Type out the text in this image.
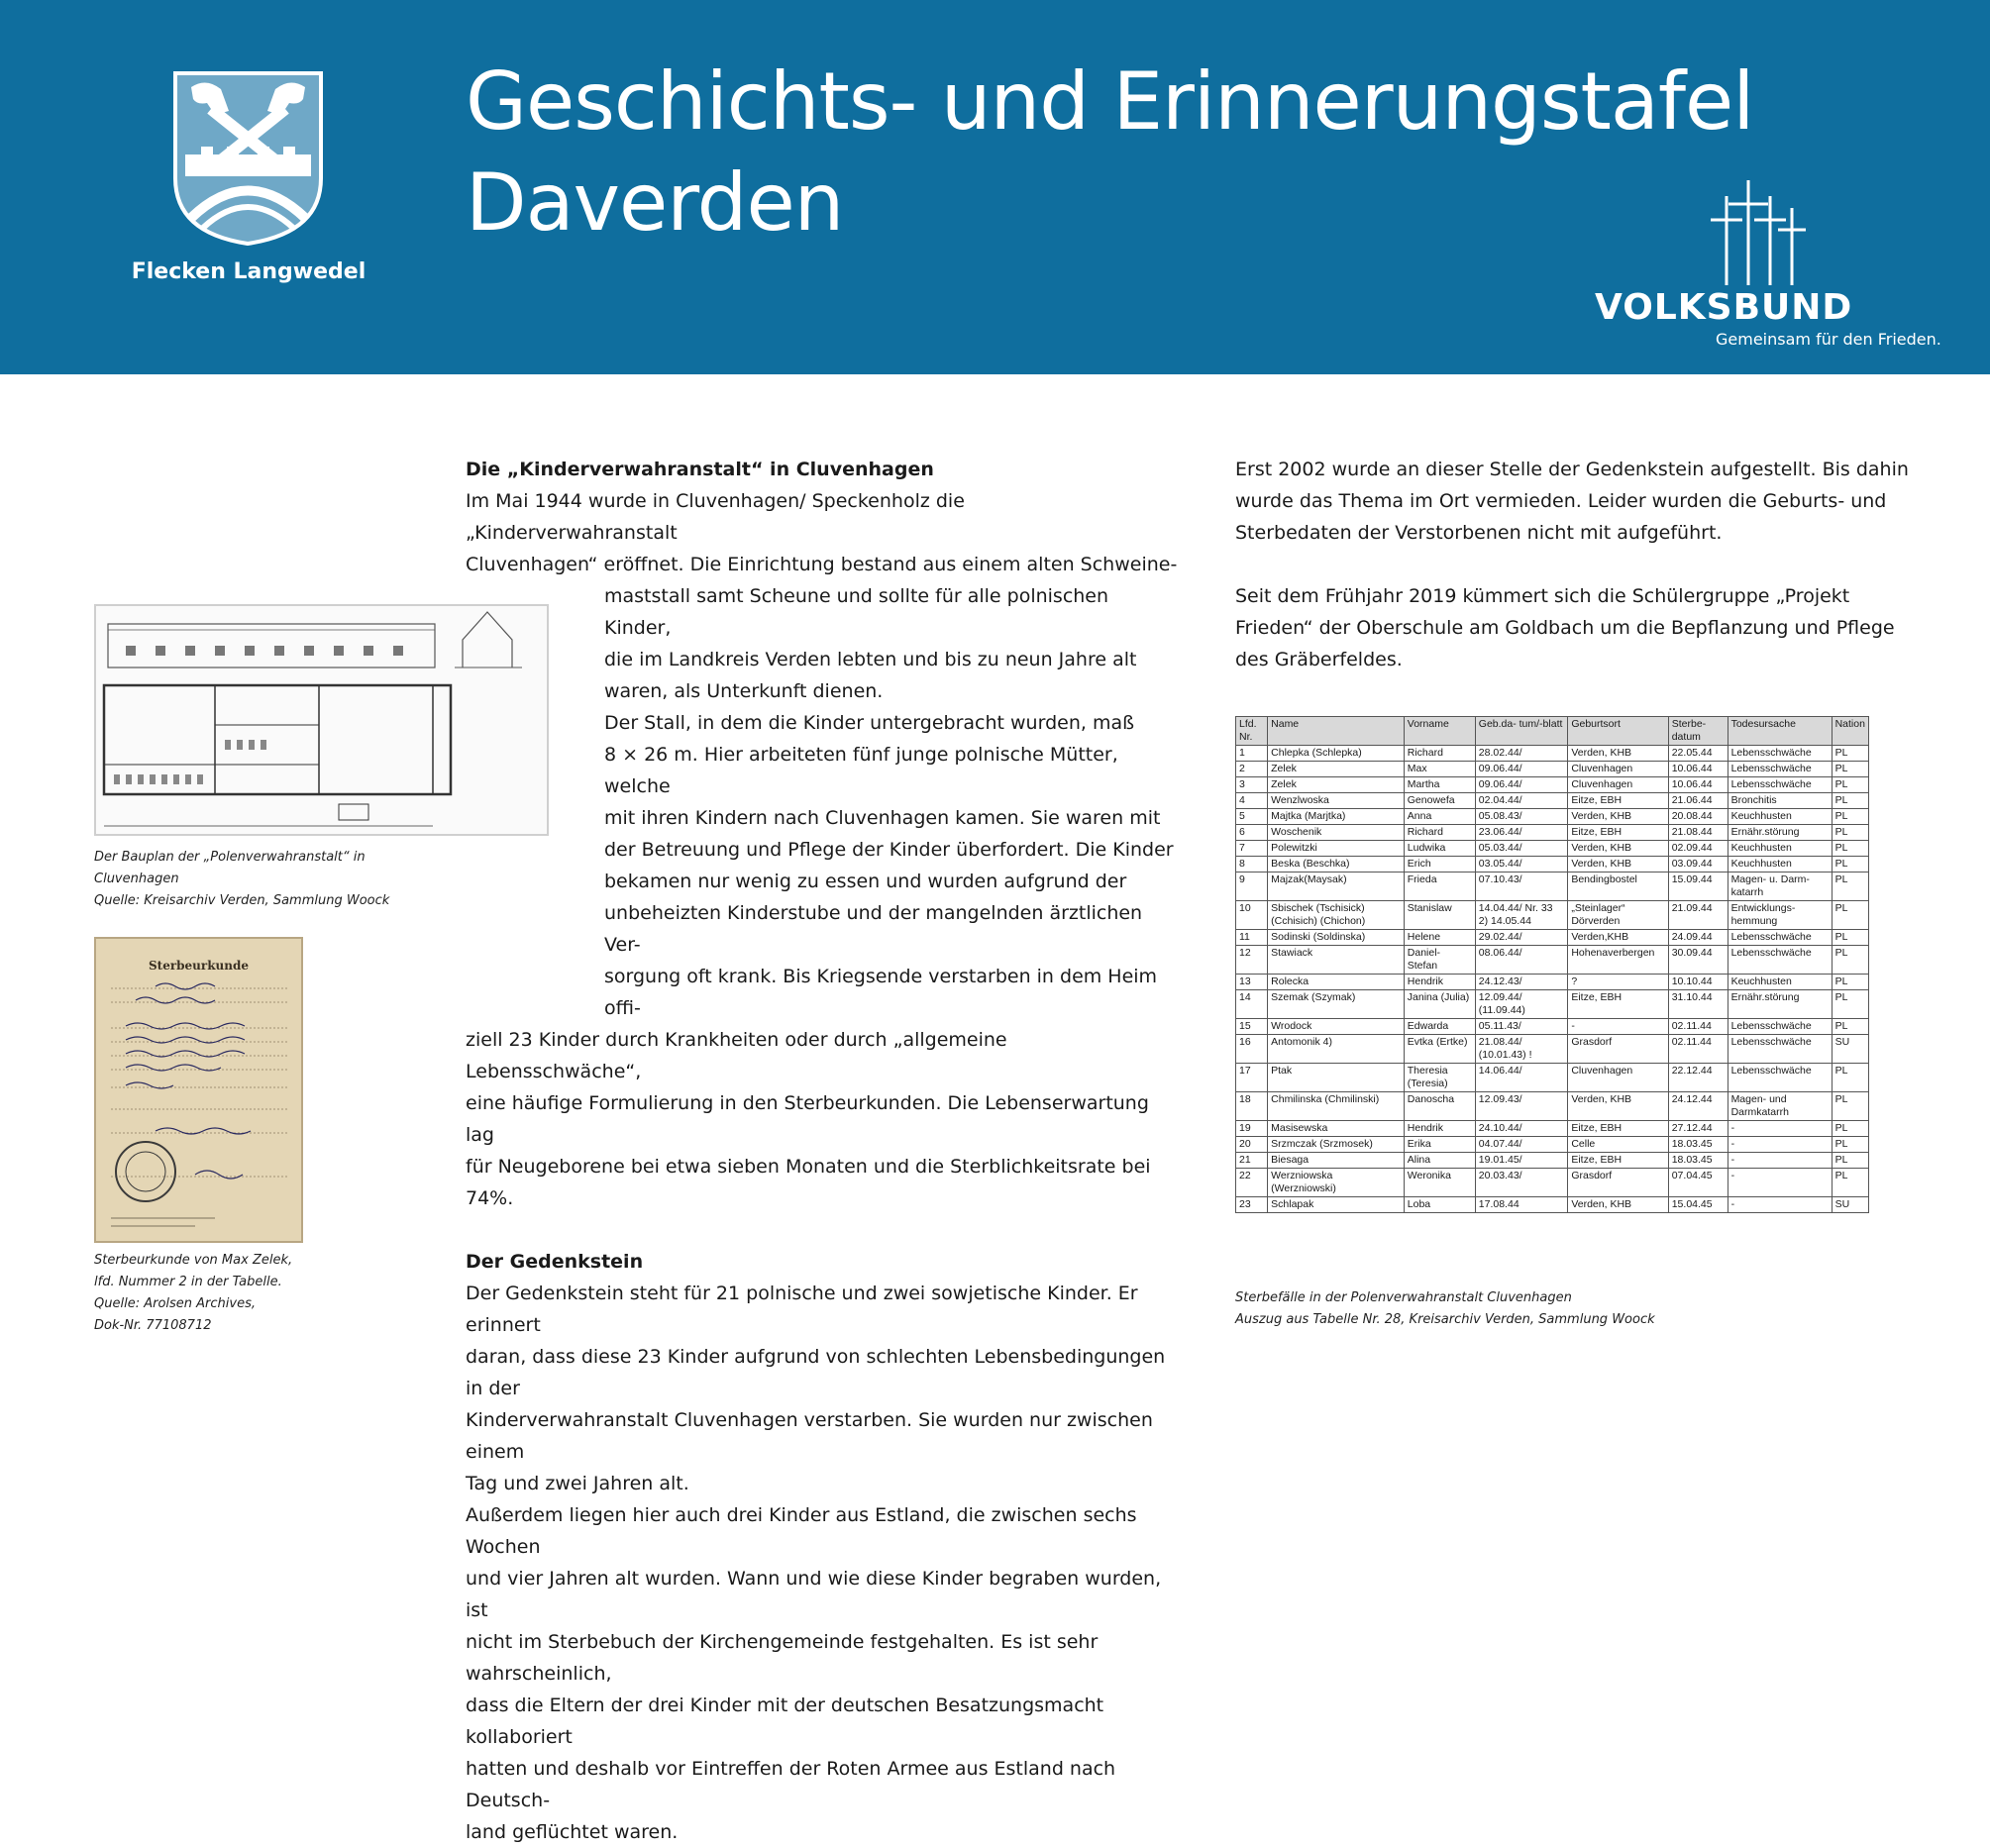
Flecken Langwedel
Geschichts- und Erinnerungstafel
Daverden
VOLKSBUND
Gemeinsam für den Frieden.
Der Bauplan der „Polenverwahranstalt“ in
Cluvenhagen
Quelle: Kreisarchiv Verden, Sammlung Woock
Sterbeurkunde
Sterbeurkunde von Max Zelek,
lfd. Nummer 2 in der Tabelle.
Quelle: Arolsen Archives,
Dok-Nr. 77108712

Die „Kinderverwahranstalt“ in Cluvenhagen

Im Mai 1944 wurde in Cluvenhagen/ Speckenholz die „Kinderverwahranstalt

Cluvenhagen“ eröffnet. Die Einrichtung bestand aus einem alten Schweine-

maststall samt Scheune und sollte für alle polnischen Kinder,

die im Landkreis Verden lebten und bis zu neun Jahre alt

waren, als Unterkunft dienen.

Der Stall, in dem die Kinder untergebracht wurden, maß

8 × 26 m. Hier arbeiteten fünf junge polnische Mütter, welche

mit ihren Kindern nach Cluvenhagen kamen. Sie waren mit

der Betreuung und Pflege der Kinder überfordert. Die Kinder

bekamen nur wenig zu essen und wurden aufgrund der

unbeheizten Kinderstube und der mangelnden ärztlichen Ver-

sorgung oft krank. Bis Kriegsende verstarben in dem Heim offi-

ziell 23 Kinder durch Krankheiten oder durch „allgemeine Lebensschwäche“,

eine häufige Formulierung in den Sterbeurkunden. Die Lebenserwartung lag

für Neugeborene bei etwa sieben Monaten und die Sterblichkeitsrate bei 74%.

Der Gedenkstein

Der Gedenkstein steht für 21 polnische und zwei sowjetische Kinder. Er erinnert

daran, dass diese 23 Kinder aufgrund von schlechten Lebensbedingungen in der

Kinderverwahranstalt Cluvenhagen verstarben. Sie wurden nur zwischen einem

Tag und zwei Jahren alt.

Außerdem liegen hier auch drei Kinder aus Estland, die zwischen sechs Wochen

und vier Jahren alt wurden. Wann und wie diese Kinder begraben wurden, ist

nicht im Sterbebuch der Kirchengemeinde festgehalten. Es ist sehr wahrscheinlich,

dass die Eltern der drei Kinder mit der deutschen Besatzungsmacht kollaboriert

hatten und deshalb vor Eintreffen der Roten Armee aus Estland nach Deutsch-

land geflüchtet waren.

Erst 2002 wurde an dieser Stelle der Gedenkstein aufgestellt. Bis dahin

wurde das Thema im Ort vermieden. Leider wurden die Geburts- und

Sterbedaten der Verstorbenen nicht mit aufgeführt.

Seit dem Frühjahr 2019 kümmert sich die Schülergruppe „Projekt

Frieden“ der Oberschule am Goldbach um die Bepflanzung und Pflege

des Gräberfeldes.

Lfd. Nr.	Name	Vorname	Geb.da- tum/-blatt	Geburtsort	Sterbe- datum	Todesursache	Nation
1	Chlepka (Schlepka)	Richard	28.02.44/	Verden, KHB	22.05.44	Lebensschwäche	PL
2	Zelek	Max	09.06.44/	Cluvenhagen	10.06.44	Lebensschwäche	PL
3	Zelek	Martha	09.06.44/	Cluvenhagen	10.06.44	Lebensschwäche	PL
4	Wenzlwoska	Genowefa	02.04.44/	Eitze, EBH	21.06.44	Bronchitis	PL
5	Majtka (Marjtka)	Anna	05.08.43/	Verden, KHB	20.08.44	Keuchhusten	PL
6	Woschenik	Richard	23.06.44/	Eitze, EBH	21.08.44	Ernähr.störung	PL
7	Polewitzki	Ludwika	05.03.44/	Verden, KHB	02.09.44	Keuchhusten	PL
8	Beska (Beschka)	Erich	03.05.44/	Verden, KHB	03.09.44	Keuchhusten	PL
9	Majzak(Maysak)	Frieda	07.10.43/	Bendingbostel	15.09.44	Magen- u. Darm- katarrh	PL
10	Sbischek (Tschisick) (Cchisich) (Chichon)	Stanislaw	14.04.44/ Nr. 33 2) 14.05.44	„Steinlager“ Dörverden	21.09.44	Entwicklungs- hemmung	PL
11	Sodinski (Soldinska)	Helene	29.02.44/	Verden,KHB	24.09.44	Lebensschwäche	PL
12	Stawiack	Daniel- Stefan	08.06.44/	Hohenaverbergen	30.09.44	Lebensschwäche	PL
13	Rolecka	Hendrik	24.12.43/	?	10.10.44	Keuchhusten	PL
14	Szemak (Szymak)	Janina (Julia)	12.09.44/ (11.09.44)	Eitze, EBH	31.10.44	Ernähr.störung	PL
15	Wrodock	Edwarda	05.11.43/	-	02.11.44	Lebensschwäche	PL
16	Antomonik 4)	Evtka (Ertke)	21.08.44/ (10.01.43) !	Grasdorf	02.11.44	Lebensschwäche	SU
17	Ptak	Theresia (Teresia)	14.06.44/	Cluvenhagen	22.12.44	Lebensschwäche	PL
18	Chmilinska (Chmilinski)	Danoscha	12.09.43/	Verden, KHB	24.12.44	Magen- und Darmkatarrh	PL
19	Masisewska	Hendrik	24.10.44/	Eitze, EBH	27.12.44	-	PL
20	Srzmczak (Srzmosek)	Erika	04.07.44/	Celle	18.03.45	-	PL
21	Biesaga	Alina	19.01.45/	Eitze, EBH	18.03.45	-	PL
22	Werzniowska (Werzniowski)	Weronika	20.03.43/	Grasdorf	07.04.45	-	PL
23	Schlapak	Loba	17.08.44	Verden, KHB	15.04.45	-	SU
Sterbefälle in der Polenverwahranstalt Cluvenhagen
Auszug aus Tabelle Nr. 28, Kreisarchiv Verden, Sammlung Woock
